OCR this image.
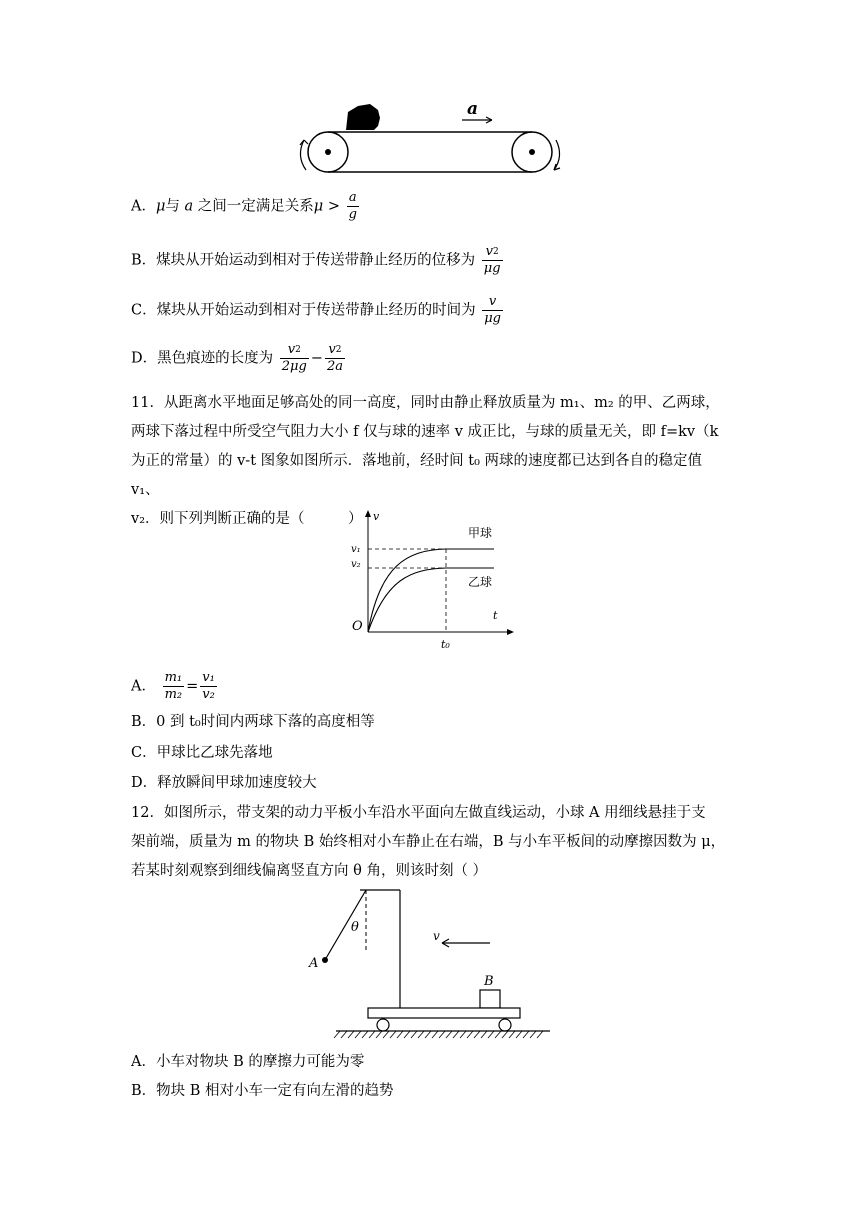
a
A．μ与 a 之间一定满足关系$\mu > \frac{a}{g}$
B．煤块从开始运动到相对于传送带静止经历的位移为 $\frac{v^2}{\mu g}$
C．煤块从开始运动到相对于传送带静止经历的时间为 $\frac{v}{\mu g}$
D．黑色痕迹的长度为 $\frac{v^2}{2\mu g} - \frac{v^2}{2a}$
11．从距离水平地面足够高处的同一高度，同时由静止释放质量为 m₁、m₂ 的甲、乙两球，
两球下落过程中所受空气阻力大小 f 仅与球的速率 v 成正比，与球的质量无关，即 f=kv（k
为正的常量）的 v-t 图象如图所示．落地前，经时间 t₀ 两球的速度都已达到各自的稳定值 v₁、
v₂．则下列判断正确的是（　　　） v
t
O
v₁
v₂
t₀
甲球
乙球
A． $\frac{\text{m₁}}{\text{m₂}} = \frac{\text{v₁}}{\text{v₂}}$
B．0 到 t₀时间内两球下落的高度相等
C．甲球比乙球先落地
D．释放瞬间甲球加速度较大
12．如图所示，带支架的动力平板小车沿水平面向左做直线运动，小球 A 用细线悬挂于支
架前端，质量为 m 的物块 B 始终相对小车静止在右端，B 与小车平板间的动摩擦因数为 μ，
若某时刻观察到细线偏离竖直方向 θ 角，则该时刻（ ）
θ
A
v
B
A．小车对物块 B 的摩擦力可能为零
B．物块 B 相对小车一定有向左滑的趋势
